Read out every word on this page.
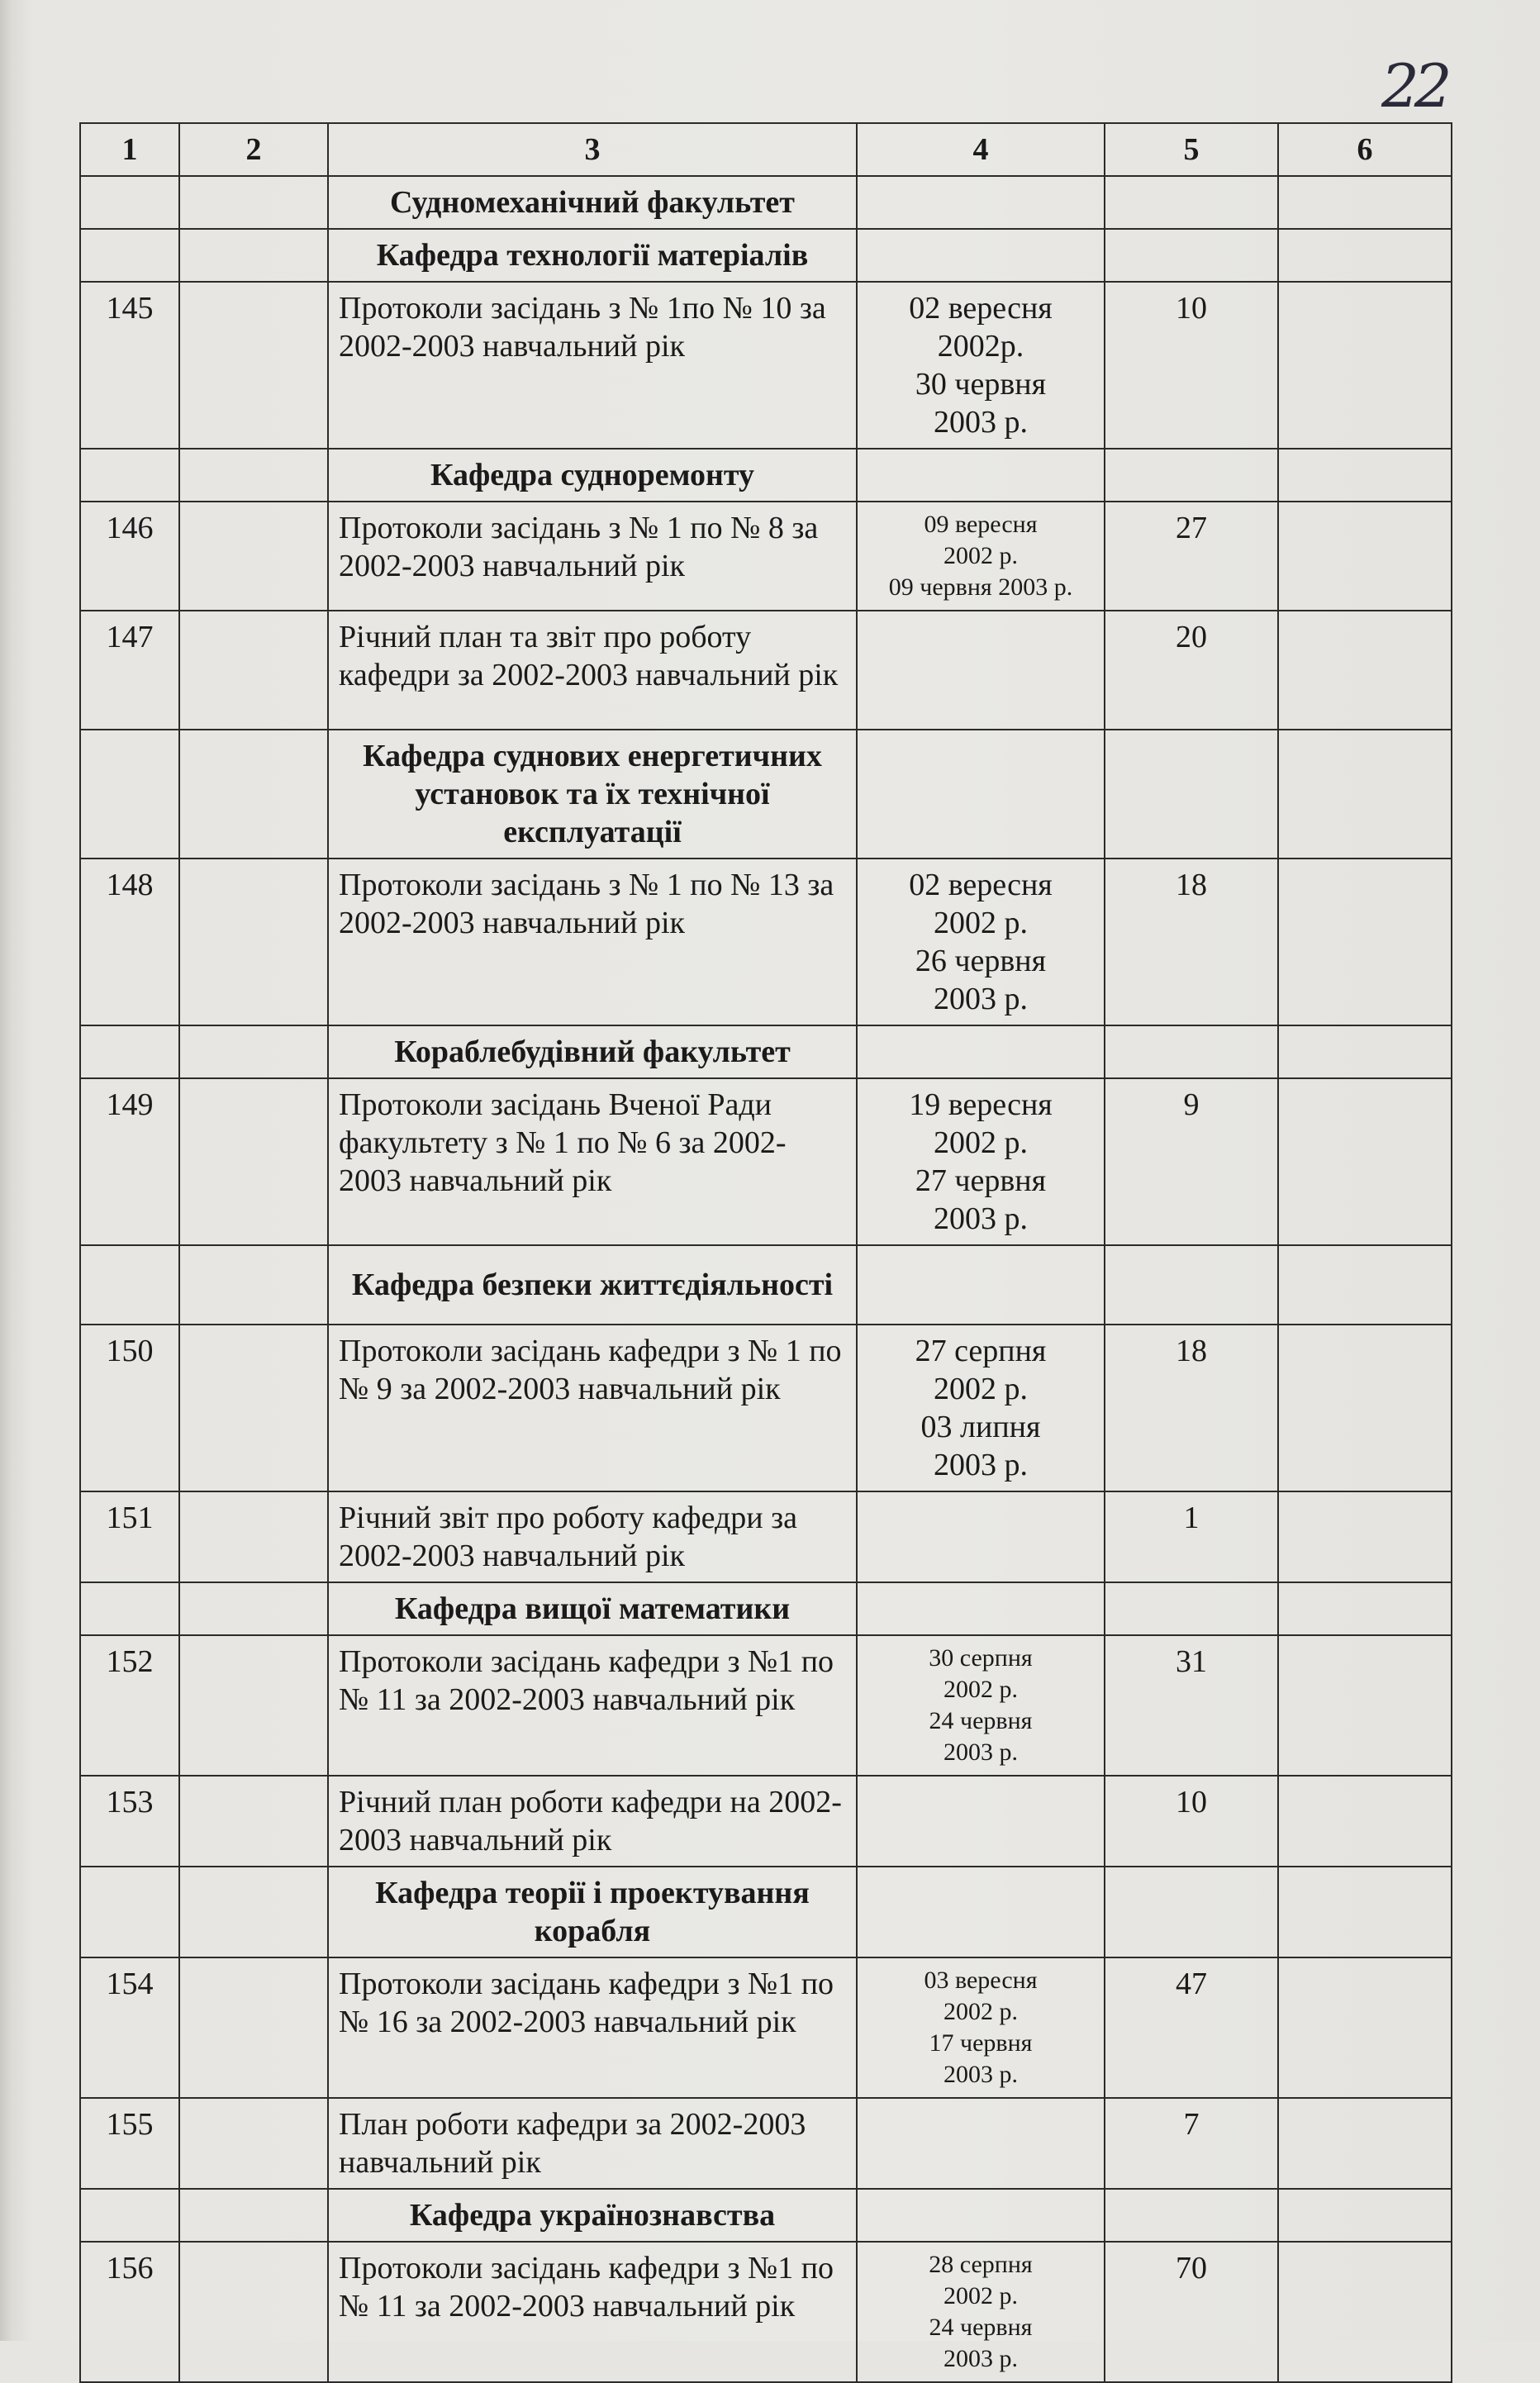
22
1	2	3	4	5	6
		Судномеханічний факультет			
		Кафедра технології матеріалів			
145		Протоколи засідань з № 1по № 10 за 2002-2003 навчальний рік	02 вересня
2002р.
30 червня
2003 р.	10	
		Кафедра судноремонту			
146		Протоколи засідань з № 1 по № 8 за 2002-2003 навчальний рік	09 вересня
2002 р.
09 червня 2003 р.	27	
147		Річний план та звіт про роботу кафедри за 2002-2003 навчальний рік		20	
		Кафедра суднових енергетичних установок та їх технічної експлуатації			
148		Протоколи засідань з № 1 по № 13 за 2002-2003 навчальний рік	02 вересня
2002 р.
26 червня
2003 р.	18	
		Кораблебудівний факультет			
149		Протоколи засідань Вченої Ради факультету з № 1 по № 6 за 2002-2003 навчальний рік	19 вересня
2002 р.
27 червня
2003 р.	9	
		Кафедра безпеки життєдіяльності			
150		Протоколи засідань кафедри з № 1 по № 9 за 2002-2003 навчальний рік	27 серпня
2002 р.
03 липня
2003 р.	18	
151		Річний звіт про роботу кафедри за 2002-2003 навчальний рік		1	
		Кафедра вищої математики			
152		Протоколи засідань кафедри з №1 по № 11 за 2002-2003 навчальний рік	30 серпня
2002 р.
24 червня
2003 р.	31	
153		Річний план роботи кафедри на 2002-2003 навчальний рік		10	
		Кафедра теорії і проектування корабля			
154		Протоколи засідань кафедри з №1 по № 16 за 2002-2003 навчальний рік	03 вересня
2002 р.
17 червня
2003 р.	47	
155		План роботи кафедри за 2002-2003 навчальний рік		7	
		Кафедра українознавства			
156		Протоколи засідань кафедри з №1 по № 11 за 2002-2003 навчальний рік	28 серпня
2002 р.
24 червня
2003 р.	70	
